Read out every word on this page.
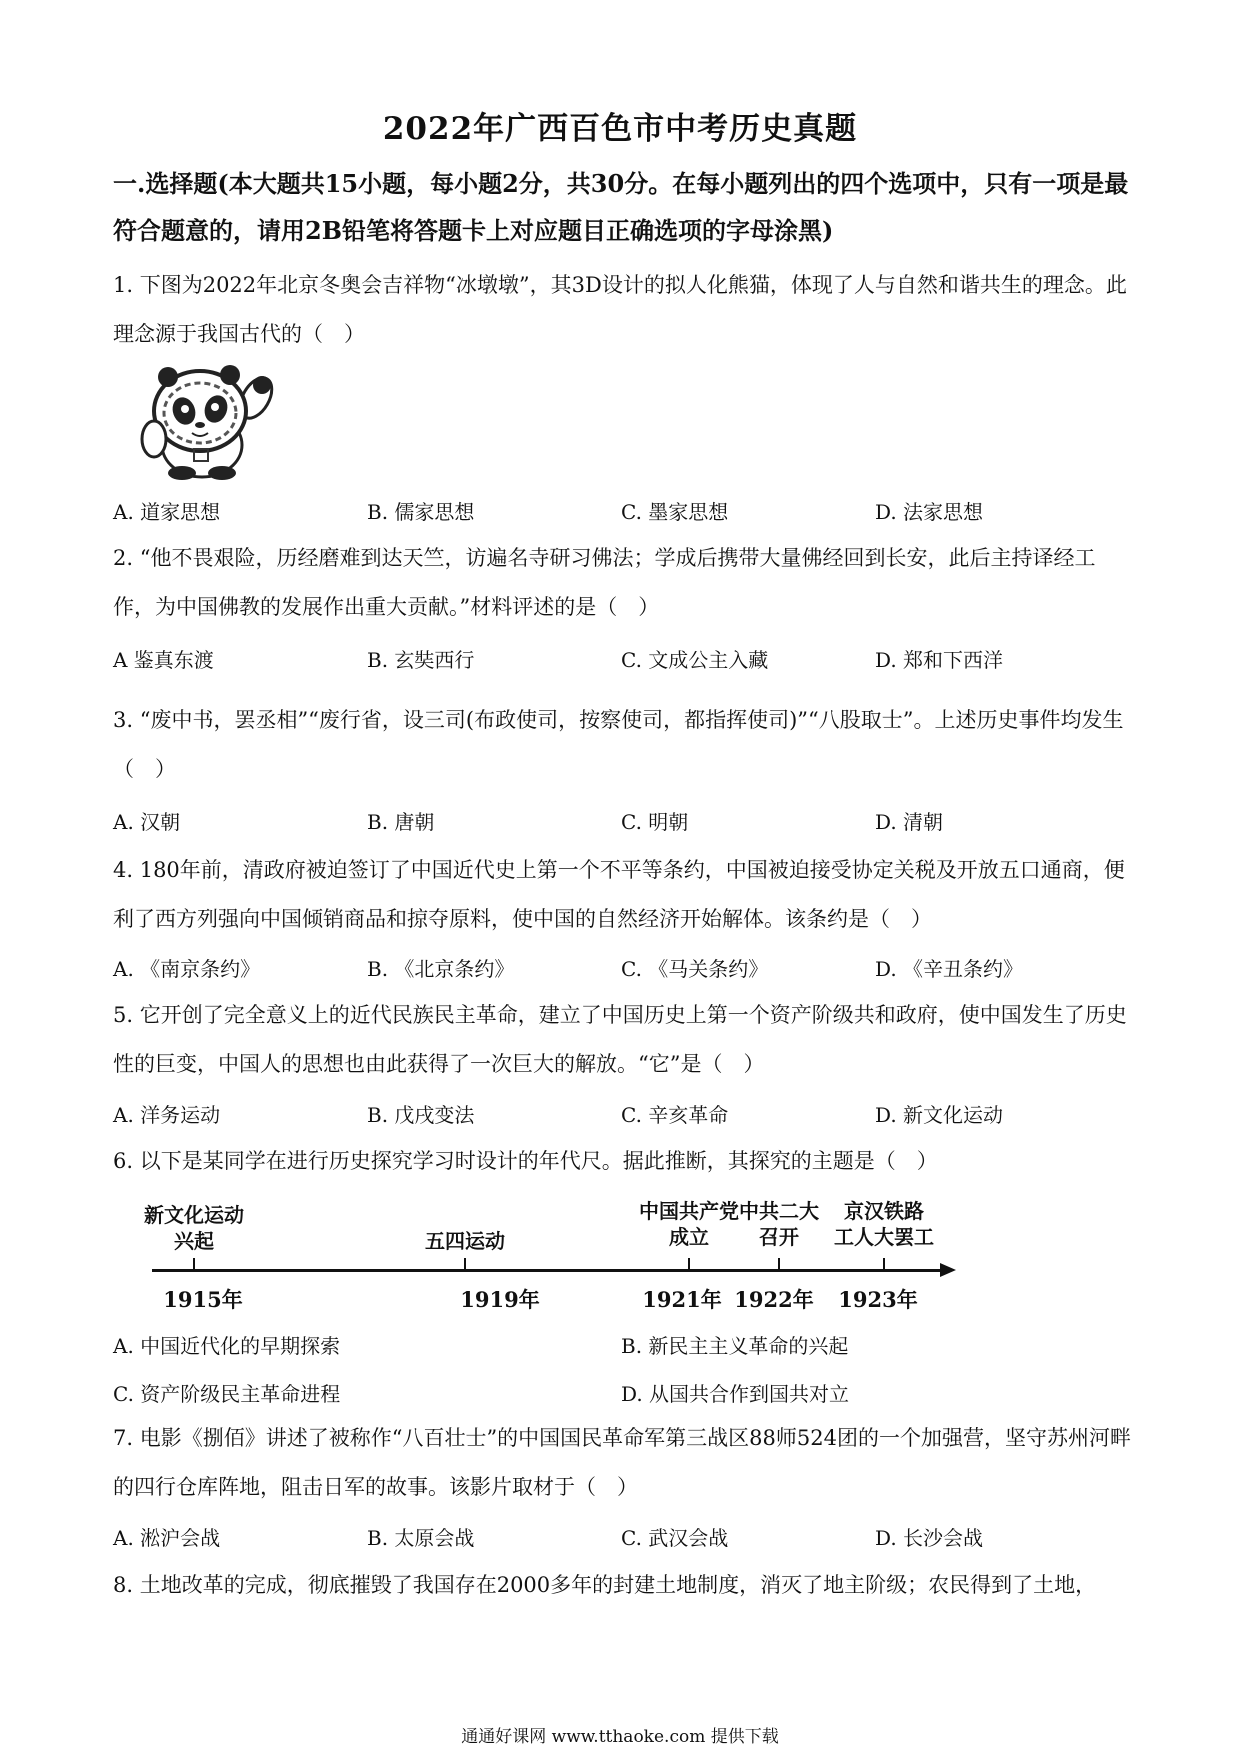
2022年广西百色市中考历史真题
一.选择题(本大题共15小题，每小题2分，共30分。在每小题列出的四个选项中，只有一项是最符合题意的，请用2B铅笔将答题卡上对应题目正确选项的字母涂黑)
1. 下图为2022年北京冬奥会吉祥物“冰墩墩”，其3D设计的拟人化熊猫，体现了人与自然和谐共生的理念。此理念源于我国古代的（　）
A. 道家思想	B. 儒家思想	C. 墨家思想	D. 法家思想
2. “他不畏艰险，历经磨难到达天竺，访遍名寺研习佛法；学成后携带大量佛经回到长安，此后主持译经工作，为中国佛教的发展作出重大贡献。”材料评述的是（　）
A 鉴真东渡	B. 玄奘西行	C. 文成公主入藏	D. 郑和下西洋
3. “废中书，罢丞相”“废行省，设三司(布政使司，按察使司，都指挥使司)”“八股取士”。上述历史事件均发生　（　）
A. 汉朝	B. 唐朝	C. 明朝	D. 清朝
4. 180年前，清政府被迫签订了中国近代史上第一个不平等条约，中国被迫接受协定关税及开放五口通商，便利了西方列强向中国倾销商品和掠夺原料，使中国的自然经济开始解体。该条约是（　）
A. 《南京条约》	B. 《北京条约》	C. 《马关条约》	D. 《辛丑条约》
5. 它开创了完全意义上的近代民族民主革命，建立了中国历史上第一个资产阶级共和政府，使中国发生了历史性的巨变，中国人的思想也由此获得了一次巨大的解放。“它”是（　）
A. 洋务运动	B. 戊戌变法	C. 辛亥革命	D. 新文化运动
6. 以下是某同学在进行历史探究学习时设计的年代尺。据此推断，其探究的主题是（　）
新文化运动
兴起	五四运动
中国共产党
成立
中共二大
召开
京汉铁路
工人大罢工
1915年	1919年	1921年 1922年 1923年
A. 中国近代化的早期探索	B. 新民主主义革命的兴起
C. 资产阶级民主革命进程	D. 从国共合作到国共对立
7. 电影《捌佰》讲述了被称作“八百壮士”的中国国民革命军第三战区88师524团的一个加强营，坚守苏州河畔的四行仓库阵地，阻击日军的故事。该影片取材于（　）
A. 淞沪会战	B. 太原会战	C. 武汉会战	D. 长沙会战
8. 土地改革的完成，彻底摧毁了我国存在2000多年的封建土地制度，消灭了地主阶级；农民得到了土地，
通通好课网 www.tthaoke.com 提供下载
